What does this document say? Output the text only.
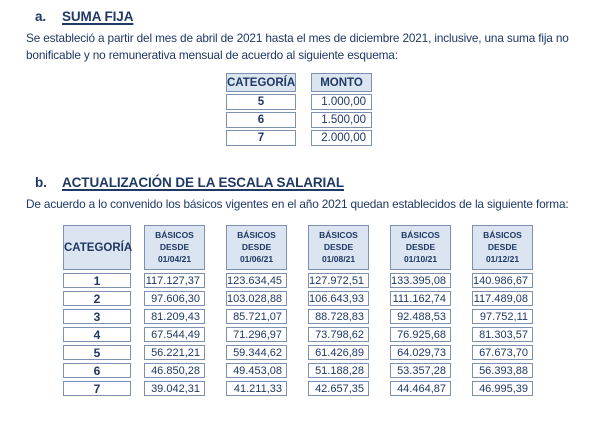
a.	SUMA FIJA
Se estableció a partir del mes de abril de 2021 hasta el mes de diciembre 2021, inclusive, una suma fija no bonificable y no remunerativa mensual de acuerdo al siguiente esquema:
CATEGORÍA
5
6
7
MONTO
1.000,00
1.500,00
2.000,00
b.	ACTUALIZACIÓN DE LA ESCALA SALARIAL
De acuerdo a lo convenido los básicos vigentes en el año 2021 quedan establecidos de la siguiente forma:
CATEGORÍA
1
2
3
4
5
6
7
BÁSICOS
DESDE
01/04/21
117.127,37
97.606,30
81.209,43
67.544,49
56.221,21
46.850,28
39.042,31
BÁSICOS
DESDE
01/06/21
123.634,45
103.028,88
85.721,07
71.296,97
59.344,62
49.453,08
41.211,33
BÁSICOS
DESDE
01/08/21
127.972,51
106.643,93
88.728,83
73.798,62
61.426,89
51.188,28
42.657,35
BÁSICOS
DESDE
01/10/21
133.395,08
111.162,74
92.488,53
76.925,68
64.029,73
53.357,28
44.464,87
BÁSICOS
DESDE
01/12/21
140.986,67
117.489,08
97.752,11
81.303,57
67.673,70
56.393,88
46.995,39
